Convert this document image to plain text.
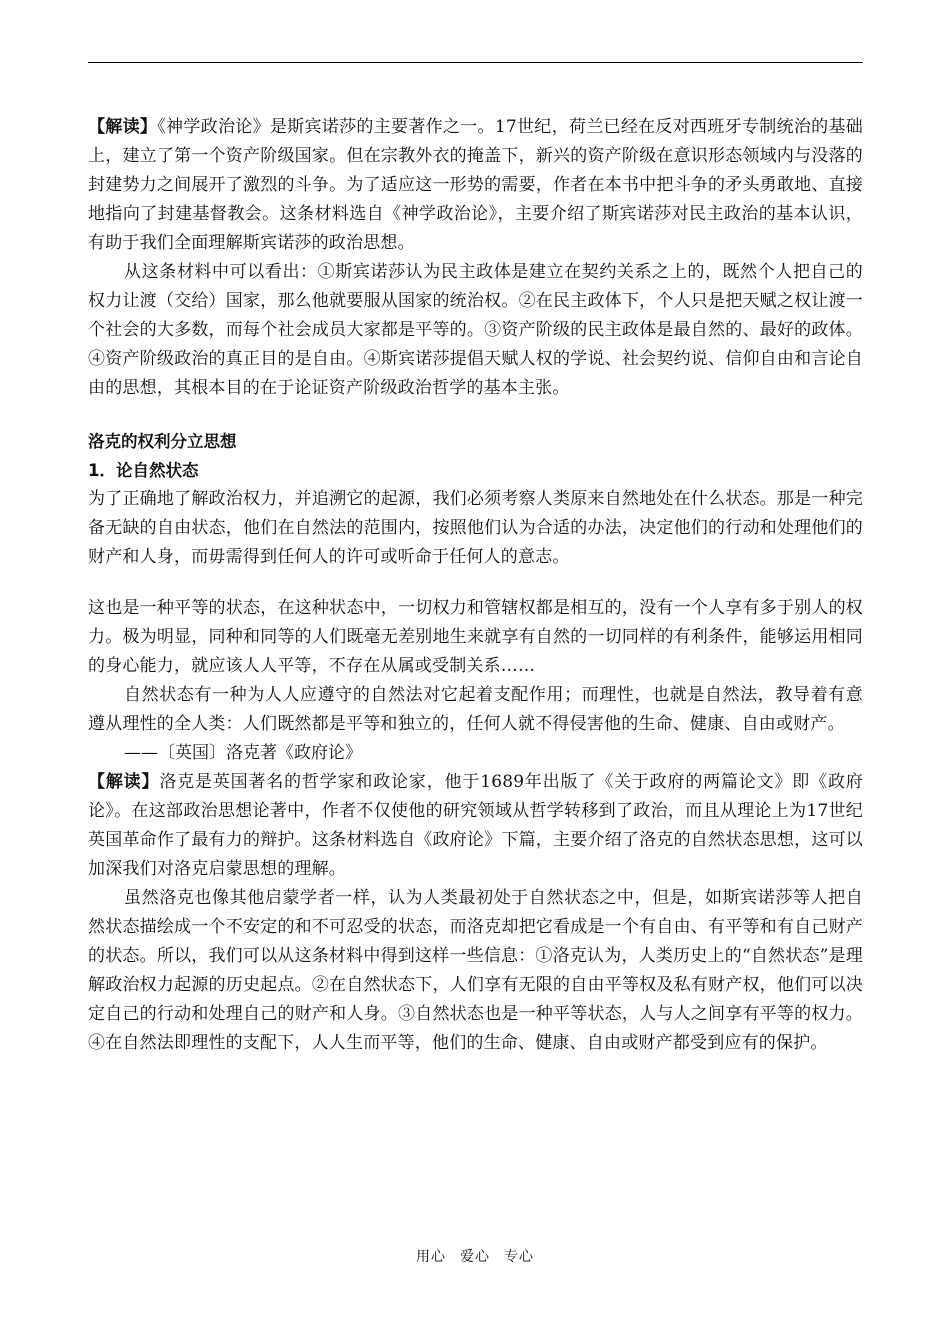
【解读】《神学政治论》是斯宾诺莎的主要著作之一。17世纪，荷兰已经在反对西班牙专制统治的基础上，建立了第一个资产阶级国家。但在宗教外衣的掩盖下，新兴的资产阶级在意识形态领域内与没落的封建势力之间展开了激烈的斗争。为了适应这一形势的需要，作者在本书中把斗争的矛头勇敢地、直接地指向了封建基督教会。这条材料选自《神学政治论》，主要介绍了斯宾诺莎对民主政治的基本认识，有助于我们全面理解斯宾诺莎的政治思想。

从这条材料中可以看出：①斯宾诺莎认为民主政体是建立在契约关系之上的，既然个人把自己的权力让渡（交给）国家，那么他就要服从国家的统治权。②在民主政体下，个人只是把天赋之权让渡一个社会的大多数，而每个社会成员大家都是平等的。③资产阶级的民主政体是最自然的、最好的政体。④资产阶级政治的真正目的是自由。④斯宾诺莎提倡天赋人权的学说、社会契约说、信仰自由和言论自由的思想，其根本目的在于论证资产阶级政治哲学的基本主张。

洛克的权利分立思想

1．论自然状态

为了正确地了解政治权力，并追溯它的起源，我们必须考察人类原来自然地处在什么状态。那是一种完备无缺的自由状态，他们在自然法的范围内，按照他们认为合适的办法，决定他们的行动和处理他们的财产和人身，而毋需得到任何人的许可或听命于任何人的意志。

这也是一种平等的状态，在这种状态中，一切权力和管辖权都是相互的，没有一个人享有多于别人的权力。极为明显，同种和同等的人们既毫无差别地生来就享有自然的一切同样的有利条件，能够运用相同的身心能力，就应该人人平等，不存在从属或受制关系……

自然状态有一种为人人应遵守的自然法对它起着支配作用；而理性，也就是自然法，教导着有意遵从理性的全人类：人们既然都是平等和独立的，任何人就不得侵害他的生命、健康、自由或财产。

——〔英国〕洛克著《政府论》

【解读】洛克是英国著名的哲学家和政论家，他于1689年出版了《关于政府的两篇论文》即《政府论》。在这部政治思想论著中，作者不仅使他的研究领域从哲学转移到了政治，而且从理论上为17世纪英国革命作了最有力的辩护。这条材料选自《政府论》下篇，主要介绍了洛克的自然状态思想，这可以加深我们对洛克启蒙思想的理解。

虽然洛克也像其他启蒙学者一样，认为人类最初处于自然状态之中，但是，如斯宾诺莎等人把自然状态描绘成一个不安定的和不可忍受的状态，而洛克却把它看成是一个有自由、有平等和有自己财产的状态。所以，我们可以从这条材料中得到这样一些信息：①洛克认为，人类历史上的“自然状态”是理解政治权力起源的历史起点。②在自然状态下，人们享有无限的自由平等权及私有财产权，他们可以决定自己的行动和处理自己的财产和人身。③自然状态也是一种平等状态，人与人之间享有平等的权力。④在自然法即理性的支配下，人人生而平等，他们的生命、健康、自由或财产都受到应有的保护。

用心 爱心 专心
